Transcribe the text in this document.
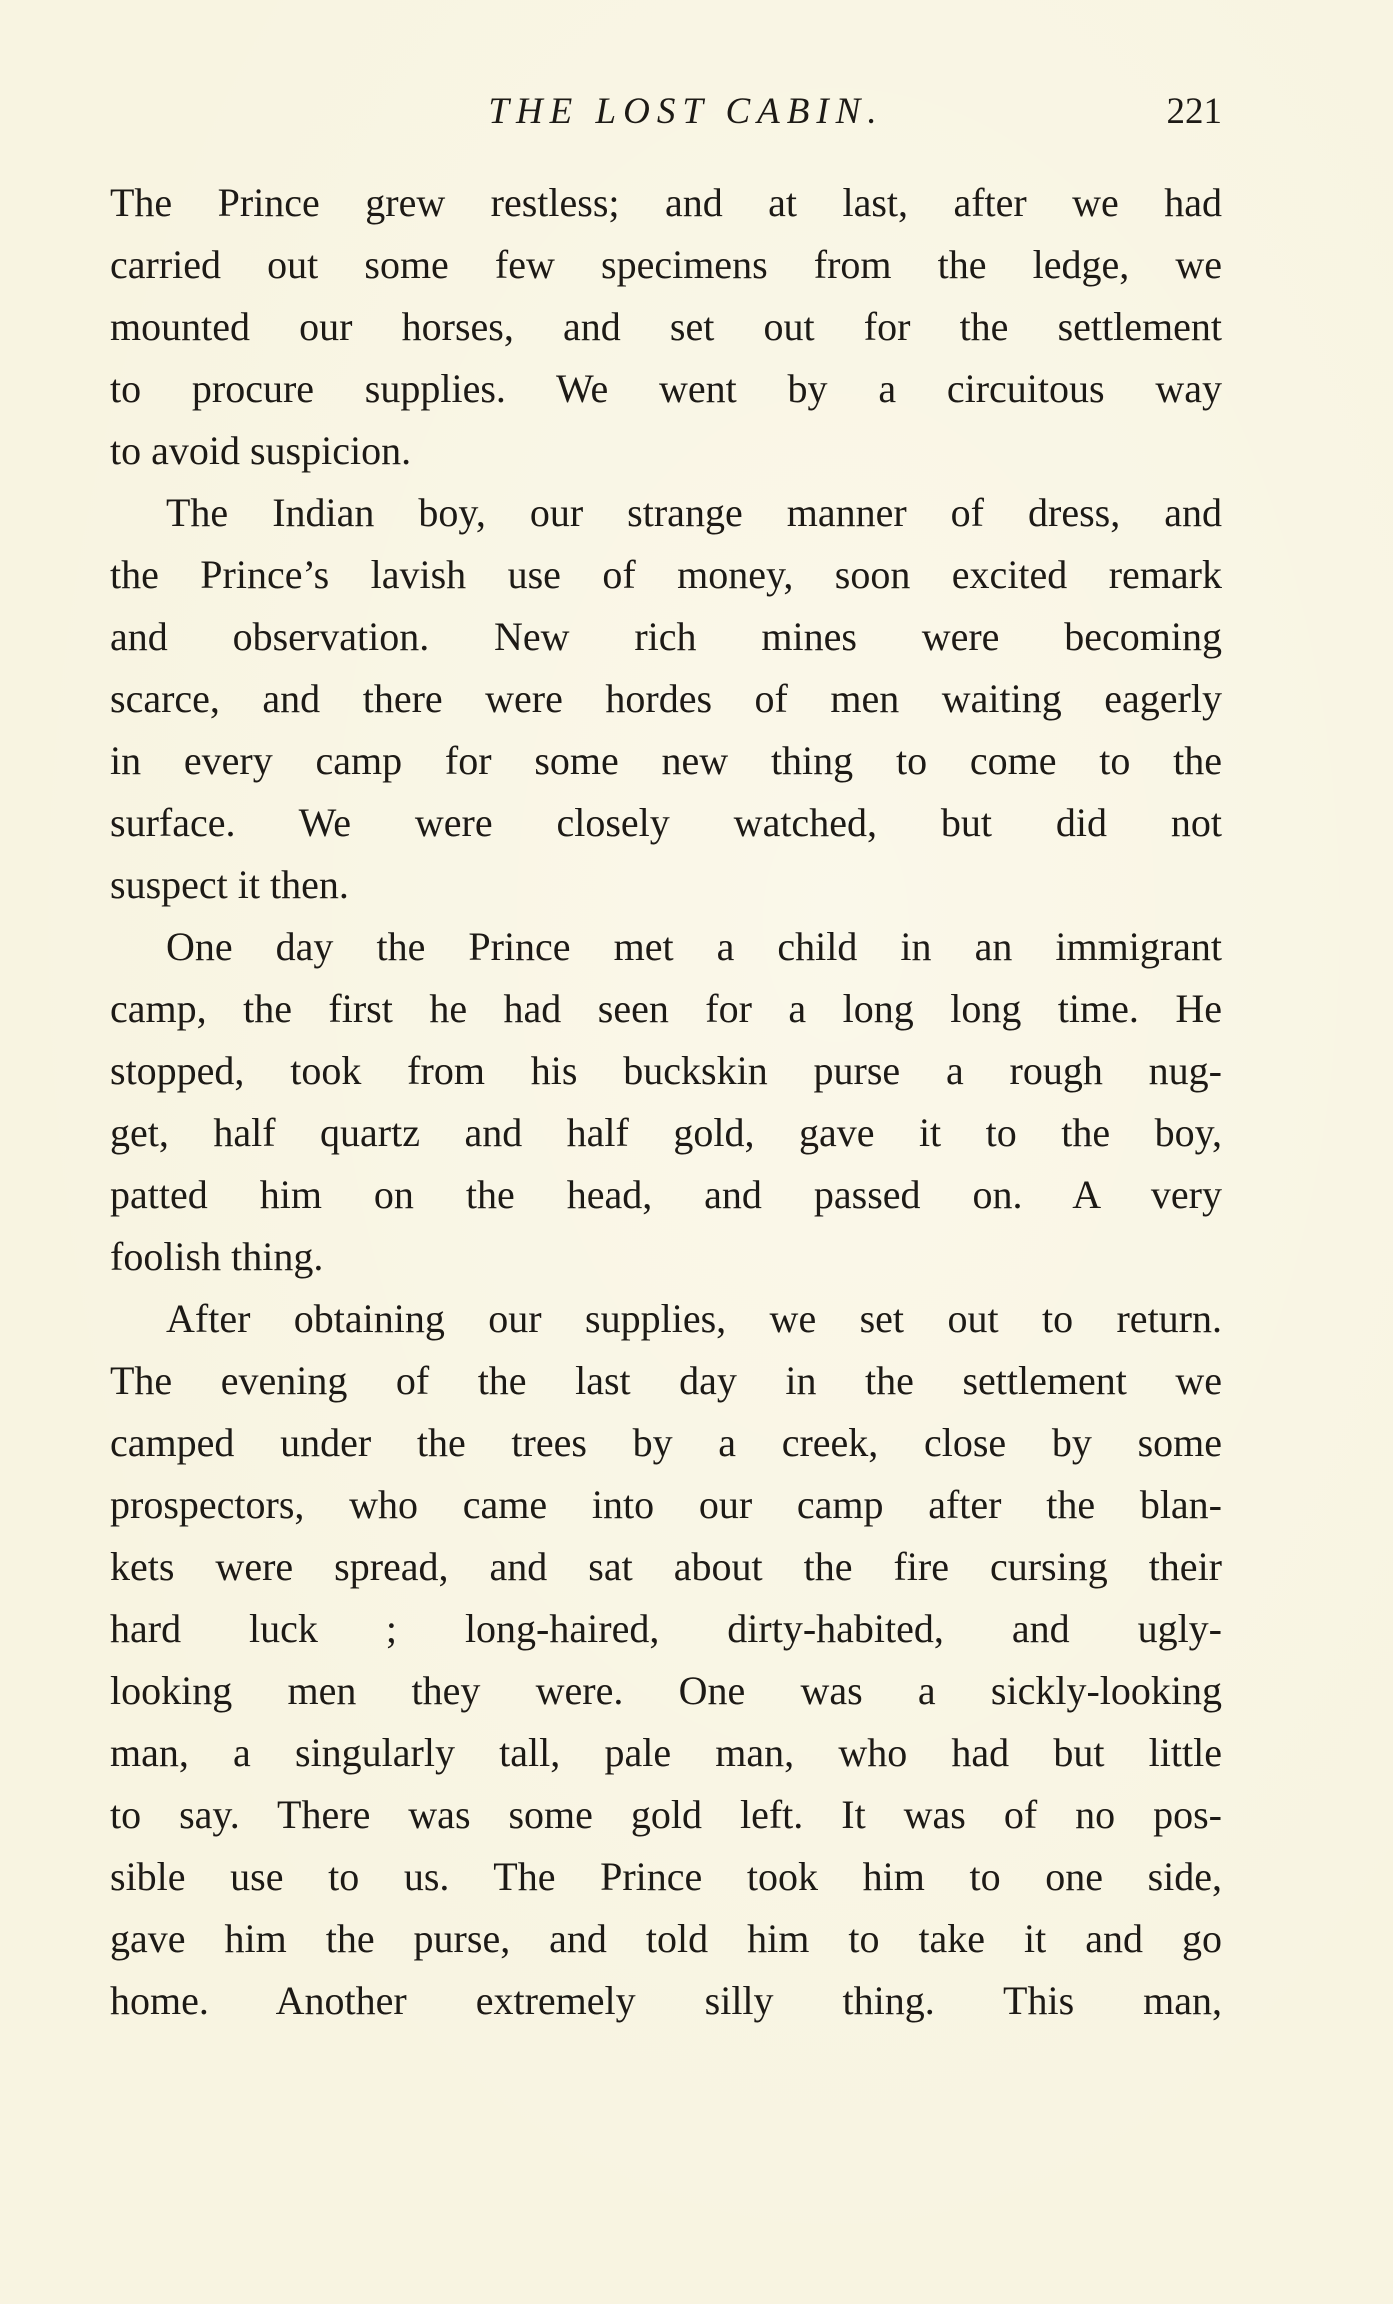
THE LOST CABIN.	221
The Prince grew restless; and at last, after we had
carried out some few specimens from the ledge, we
mounted our horses, and set out for the settlement
to procure supplies. We went by a circuitous way
to avoid suspicion.
The Indian boy, our strange manner of dress, and
the Prince’s lavish use of money, soon excited remark
and observation. New rich mines were becoming
scarce, and there were hordes of men waiting eagerly
in every camp for some new thing to come to the
surface. We were closely watched, but did not
suspect it then.
One day the Prince met a child in an immigrant
camp, the first he had seen for a long long time. He
stopped, took from his buckskin purse a rough nug-
get, half quartz and half gold, gave it to the boy,
patted him on the head, and passed on. A very
foolish thing.
After obtaining our supplies, we set out to return.
The evening of the last day in the settlement we
camped under the trees by a creek, close by some
prospectors, who came into our camp after the blan-
kets were spread, and sat about the fire cursing their
hard luck ; long-haired, dirty-habited, and ugly-
looking men they were. One was a sickly-looking
man, a singularly tall, pale man, who had but little
to say. There was some gold left. It was of no pos-
sible use to us. The Prince took him to one side,
gave him the purse, and told him to take it and go
home. Another extremely silly thing. This man,
